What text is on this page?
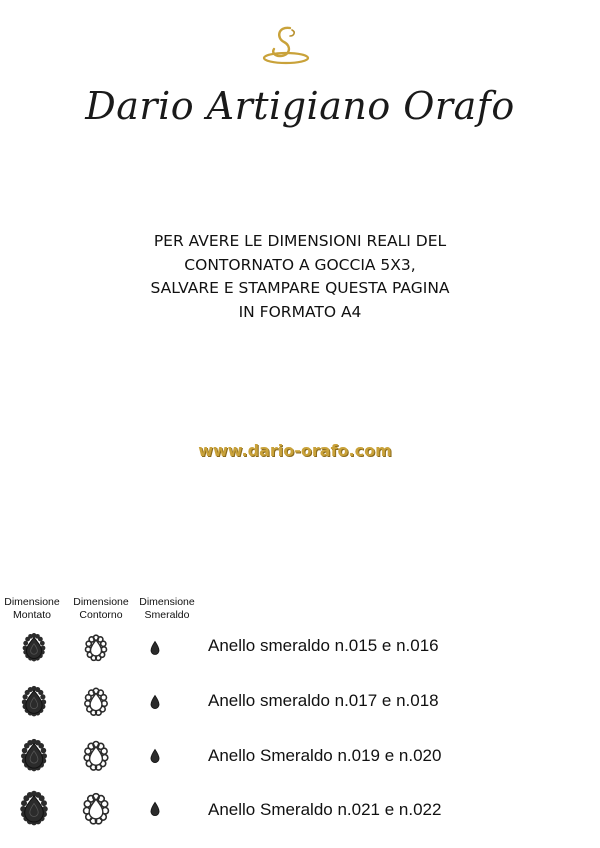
Dario Artigiano Orafo
PER AVERE LE DIMENSIONI REALI DEL
CONTORNATO A GOCCIA 5X3,
SALVARE E STAMPARE QUESTA PAGINA
IN FORMATO A4
www.dario-orafo.com
Dimensione
Montato
Dimensione
Contorno
Dimensione
Smeraldo
Anello smeraldo n.015 e n.016
Anello smeraldo n.017 e n.018
Anello Smeraldo n.019 e n.020
Anello Smeraldo n.021 e n.022
